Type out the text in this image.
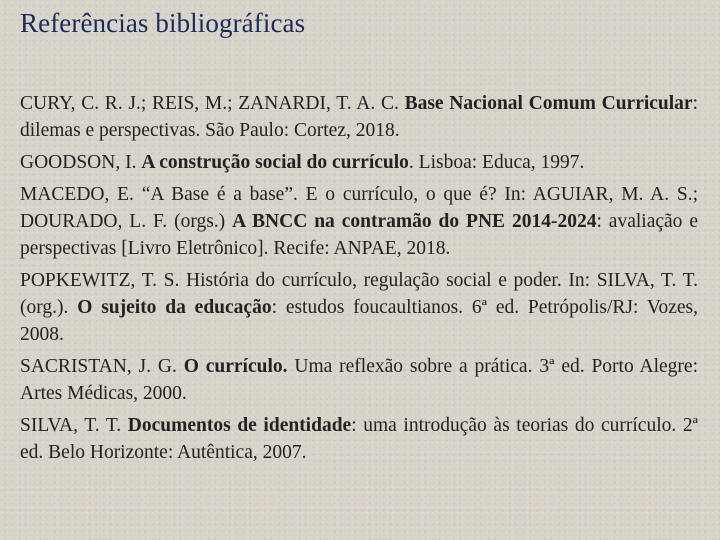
Referências bibliográficas
CURY, C. R. J.; REIS, M.; ZANARDI, T. A. C. Base Nacional Comum Curricular: dilemas e perspectivas. São Paulo: Cortez, 2018.
GOODSON, I. A construção social do currículo. Lisboa: Educa, 1997.
MACEDO, E. “A Base é a base”. E o currículo, o que é? In: AGUIAR, M. A. S.; DOURADO, L. F. (orgs.) A BNCC na contramão do PNE 2014-2024: avaliação e perspectivas [Livro Eletrônico]. Recife: ANPAE, 2018.
POPKEWITZ, T. S. História do currículo, regulação social e poder. In: SILVA, T. T. (org.). O sujeito da educação: estudos foucaultianos. 6ª ed. Petrópolis/RJ: Vozes, 2008.
SACRISTAN, J. G. O currículo. Uma reflexão sobre a prática. 3ª ed. Porto Alegre: Artes Médicas, 2000.
SILVA, T. T. Documentos de identidade: uma introdução às teorias do currículo. 2ª ed. Belo Horizonte: Autêntica, 2007.
